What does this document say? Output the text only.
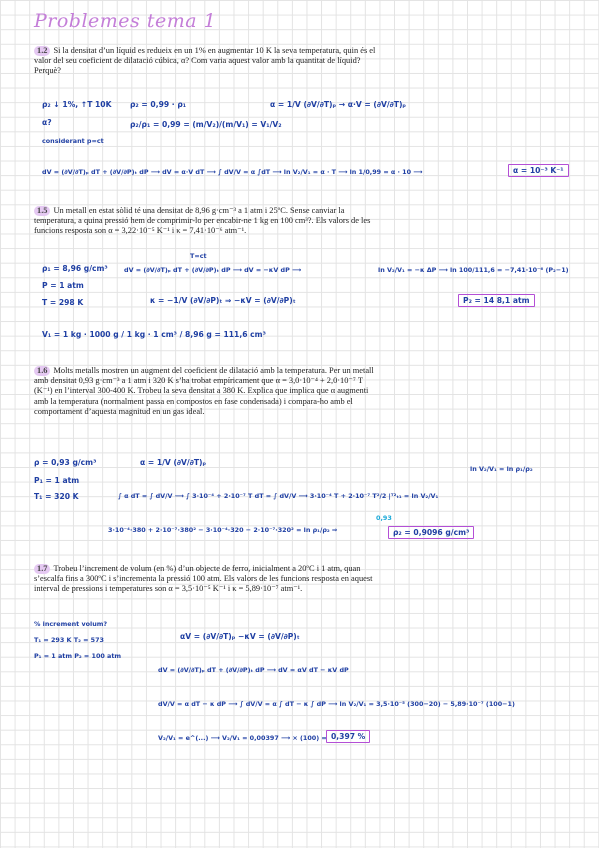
Problemes tema 1
1.2 Si la densitat d’un líquid es redueix en un 1% en augmentar 10 K la seva temperatura, quin és el valor del seu coeficient de dilatació cúbica, α? Com varia aquest valor amb la quantitat de líquid? Perquè?
ρ₂ ↓ 1%, ↑T 10K
α?
considerant p=ct
ρ₂ = 0,99 · ρ₁
ρ₂/ρ₁ = 0,99 = (m/V₂)/(m/V₁) = V₁/V₂
α = 1/V (∂V/∂T)ₚ → α·V = (∂V/∂T)ₚ
dV = (∂V/∂T)ₚ dT + (∂V/∂P)ₜ dP ⟶ dV = α·V dT ⟶ ∫ dV/V = α ∫dT ⟶ ln V₂/V₁ = α · T ⟶ ln 1/0,99 = α · 10 ⟶	α = 10⁻³ K⁻¹
1.5 Un metall en estat sòlid té una densitat de 8,96 g·cm⁻³ a 1 atm i 25ºC. Sense canviar la temperatura, a quina pressió hem de comprimir-lo per encabir-ne 1 kg en 100 cm³?. Els valors de les funcions resposta son α = 3,22·10⁻⁵ K⁻¹ i κ = 7,41·10⁻⁶ atm⁻¹.
ρ₁ = 8,96 g/cm³
P = 1 atm
T = 298 K
dV = (∂V/∂T)ₚ dT + (∂V/∂P)ₜ dP ⟶ dV = −κV dP ⟶	ln V₂/V₁ = −κ ΔP ⟶ ln 100/111,6 = −7,41·10⁻⁶ (P₂−1)
κ = −1/V (∂V/∂P)ₜ ⇒ −κV = (∂V/∂P)ₜ	P₂ = 14 8,1 atm
V₁ = 1 kg · 1000 g / 1 kg · 1 cm³ / 8,96 g = 111,6 cm³
T=ct
1.6 Molts metalls mostren un augment del coeficient de dilatació amb la temperatura. Per un metall amb densitat 0,93 g·cm⁻³ a 1 atm i 320 K s’ha trobat empíricament que α = 3,0·10⁻⁴ + 2,0·10⁻⁷ T (K⁻¹) en l’interval 300-400 K. Trobeu la seva densitat a 380 K. Explica que implica que α augmenti amb la temperatura (normalment passa en compostos en fase condensada) i compara-ho amb el comportament d’aquesta magnitud en un gas ideal.
ρ = 0,93 g/cm³
P₁ = 1 atm
T₁ = 320 K
α = 1/V (∂V/∂T)ₚ
∫ α dT = ∫ dV/V ⟶ ∫ 3·10⁻⁴ + 2·10⁻⁷ T dT = ∫ dV/V ⟶ 3·10⁻⁴ T + 2·10⁻⁷ T²/2 |ᵀ²ₜ₁ = ln V₂/V₁
ln V₂/V₁ = ln ρ₁/ρ₂
3·10⁻⁴·380 + 2·10⁻⁷·380² − 3·10⁻⁴·320 − 2·10⁻⁷·320² = ln ρ₁/ρ₂ ⇒
0,93
ρ₂ = 0,9096 g/cm³
1.7 Trobeu l’increment de volum (en %) d’un objecte de ferro, inicialment a 20ºC i 1 atm, quan s’escalfa fins a 300ºC i s’incrementa la pressió 100 atm. Els valors de les funcions resposta en aquest interval de pressions i temperatures son α = 3,5·10⁻⁵ K⁻¹ i κ = 5,89·10⁻⁷ atm⁻¹.
% increment volum?
T₁ = 293 K T₂ = 573
P₁ = 1 atm P₂ = 100 atm
αV = (∂V/∂T)ₚ −κV = (∂V/∂P)ₜ
dV = (∂V/∂T)ₚ dT + (∂V/∂P)ₜ dP ⟶ dV = αV dT − κV dP
dV/V = α dT − κ dP ⟶ ∫ dV/V = α ∫ dT − κ ∫ dP ⟶ ln V₂/V₁ = 3,5·10⁻⁵ (300−20) − 5,89·10⁻⁷ (100−1)
V₂/V₁ = e^(...) ⟶ V₂/V₁ = 0,00397 ⟶ × (100) = 0,397 %
